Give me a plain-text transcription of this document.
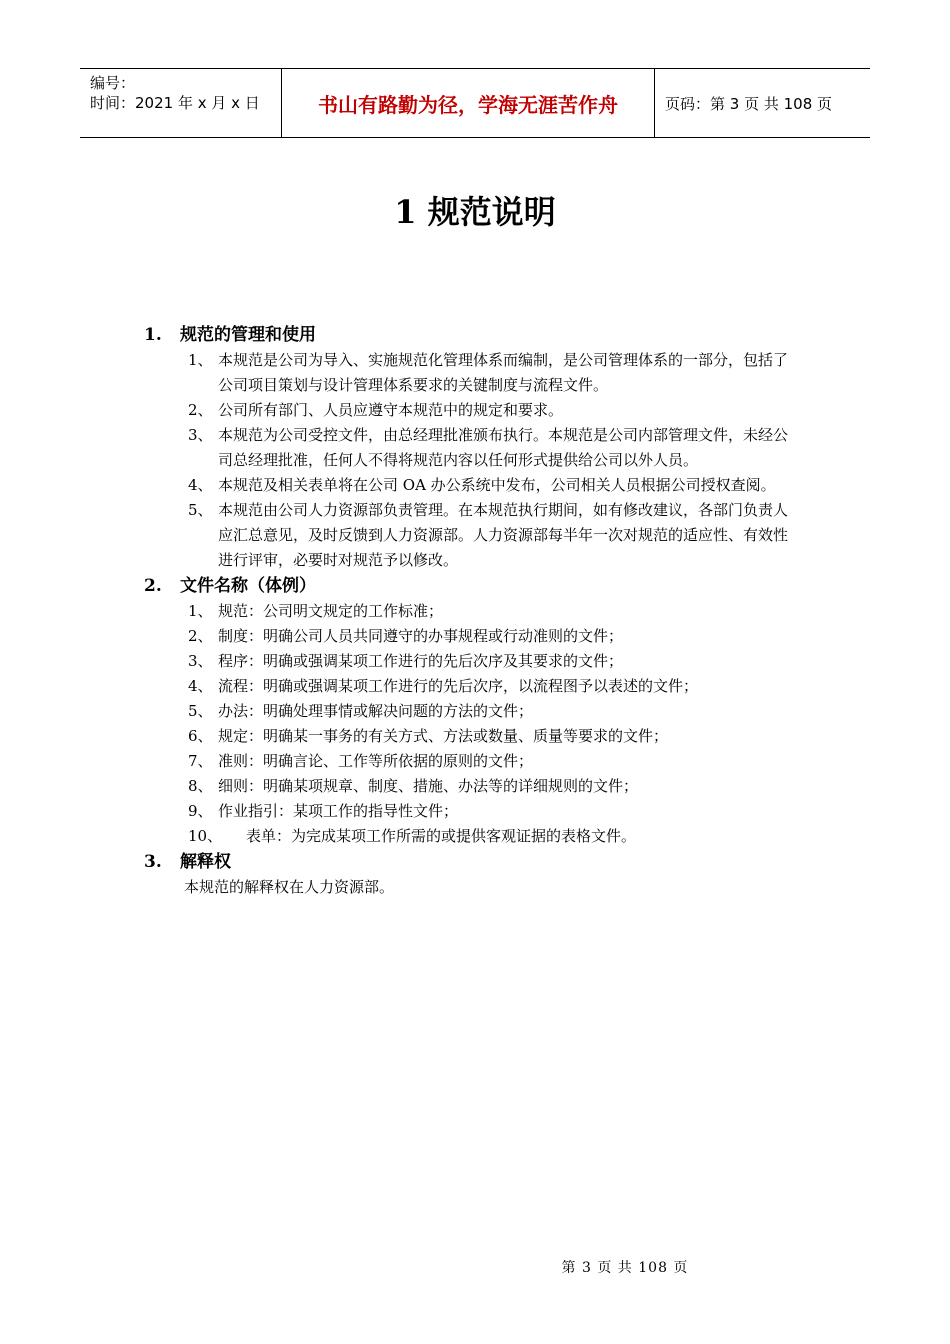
编号：
时间：2021 年 x 月 x 日	书山有路勤为径，学海无涯苦作舟	页码：第 3 页 共 108 页
1 规范说明
1.	规范的管理和使用
1、 本规范是公司为导入、实施规范化管理体系而编制，是公司管理体系的一部分，包括了公司项目策划与设计管理体系要求的关键制度与流程文件。
2、 公司所有部门、人员应遵守本规范中的规定和要求。
3、 本规范为公司受控文件，由总经理批准颁布执行。本规范是公司内部管理文件，未经公司总经理批准，任何人不得将规范内容以任何形式提供给公司以外人员。
4、 本规范及相关表单将在公司 OA 办公系统中发布，公司相关人员根据公司授权查阅。
5、 本规范由公司人力资源部负责管理。在本规范执行期间，如有修改建议，各部门负责人应汇总意见，及时反馈到人力资源部。人力资源部每半年一次对规范的适应性、有效性进行评审，必要时对规范予以修改。
2.	文件名称（体例）
1、 规范：公司明文规定的工作标准；
2、 制度：明确公司人员共同遵守的办事规程或行动准则的文件；
3、 程序：明确或强调某项工作进行的先后次序及其要求的文件；
4、 流程：明确或强调某项工作进行的先后次序，以流程图予以表述的文件；
5、 办法：明确处理事情或解决问题的方法的文件；
6、 规定：明确某一事务的有关方式、方法或数量、质量等要求的文件；
7、 准则：明确言论、工作等所依据的原则的文件；
8、 细则：明确某项规章、制度、措施、办法等的详细规则的文件；
9、 作业指引：某项工作的指导性文件；
10、	表单：为完成某项工作所需的或提供客观证据的表格文件。
3.	解释权
本规范的解释权在人力资源部。
第 3 页 共 108 页
